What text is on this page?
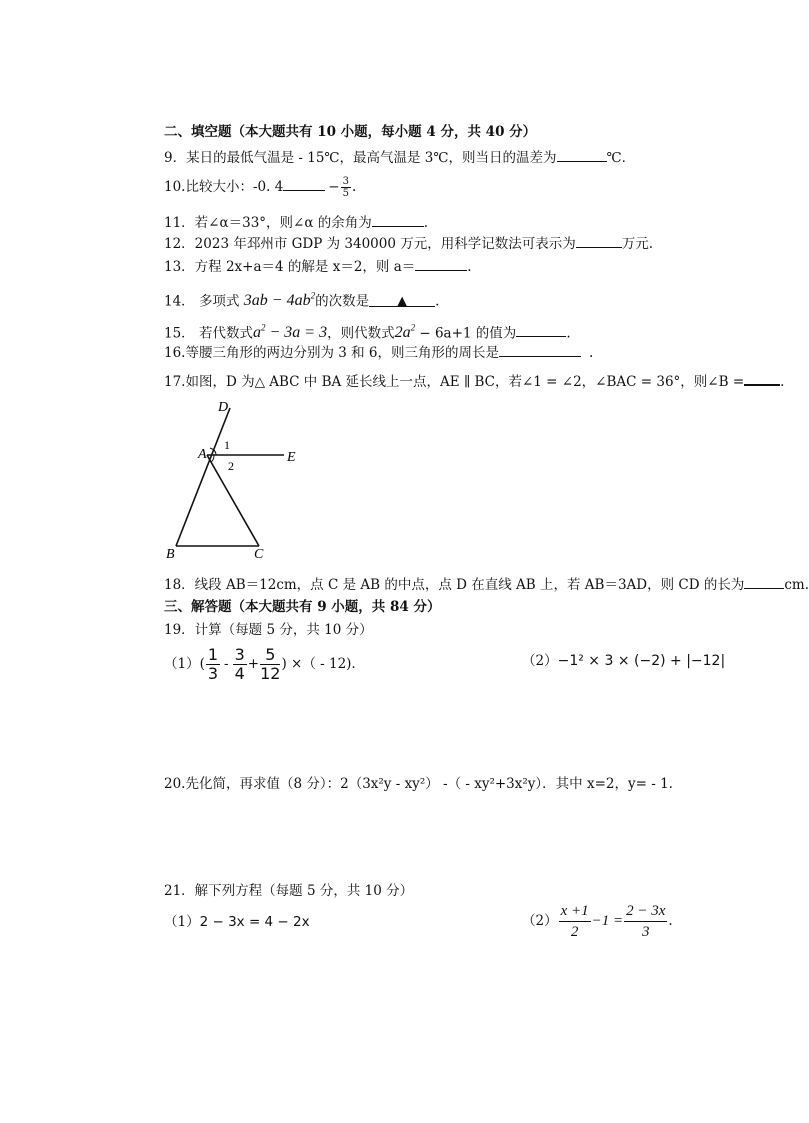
二、填空题（本大题共有 10 小题，每小题 4 分，共 40 分）
9．某日的最低气温是 - 15℃，最高气温是 3℃，则当日的温差为	℃．
10.比较大小：-0. 4	− $\frac{3}{5}$ .
11．若∠α＝33°，则∠α 的余角为	.
12．2023 年邳州市 GDP 为 340000 万元，用科学记数法可表示为	万元.
13．方程 2x+a＝4 的解是 x＝2，则 a＝	.
14． 多项式 $3ab - 4ab^2$的次数是 ▲ .
15． 若代数式$a^2 - 3a = 3$，则代数式$2a^2 - 6a+1$ 的值为	.
16.等腰三角形的两边分别为 3 和 6，则三角形的周长是	.
17.如图，D 为△ ABC 中 BA 延长线上一点，AE ∥ BC，若∠1 = ∠2，∠BAC = 36°，则∠B =	.
D
A
1
2
E
B	C
18．线段 AB＝12cm，点 C 是 AB 的中点，点 D 在直线 AB 上，若 AB＝3AD，则 CD 的长为	cm.
三、解答题（本大题共有 9 小题，共 84 分）
19．计算（每题 5 分，共 10 分）
$(1)( \frac{1}{3} - \frac{3}{4} + \frac{5}{12}$ ) ×（ - 12).	（2）−1² × 3 × (−2) + |−12|
20.先化简，再求值（8 分）：2（3x²y - xy²） -（ - xy²+3x²y）．其中 x=2，y= - 1.
21．解下列方程（每题 5 分，共 10 分）
（1）2 − 3x = 4 − 2x	$(2) \frac{x +1}{2} -1 = \frac{2 - 3x}{3}$ .
